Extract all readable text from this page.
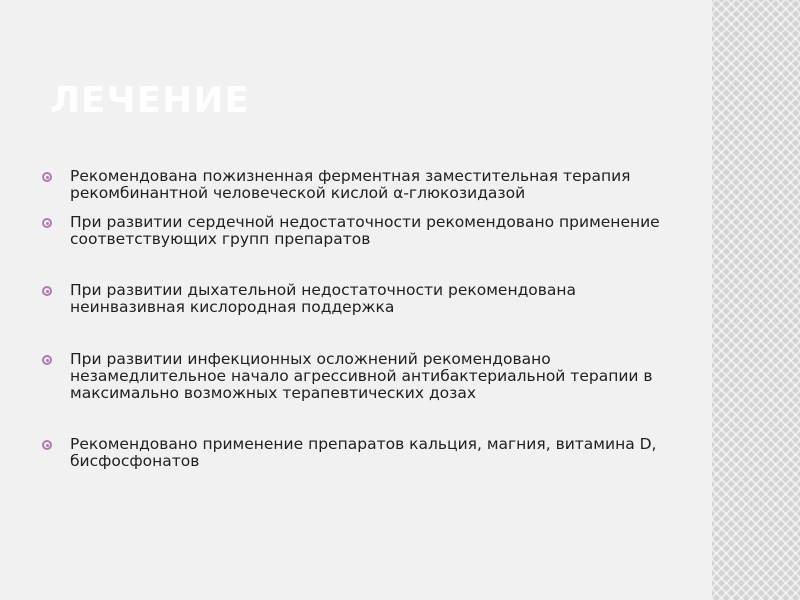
ЛЕЧЕНИЕ
Рекомендована пожизненная ферментная заместительная терапия рекомбинантной человеческой кислой α-глюкозидазой
При развитии сердечной недостаточности рекомендовано применение соответствующих групп препаратов
При развитии дыхательной недостаточности рекомендована неинвазивная кислородная поддержка
При развитии инфекционных осложнений рекомендовано незамедлительное начало агрессивной антибактериальной терапии в максимально возможных терапевтических дозах
Рекомендовано применение препаратов кальция, магния, витамина D, бисфосфонатов
